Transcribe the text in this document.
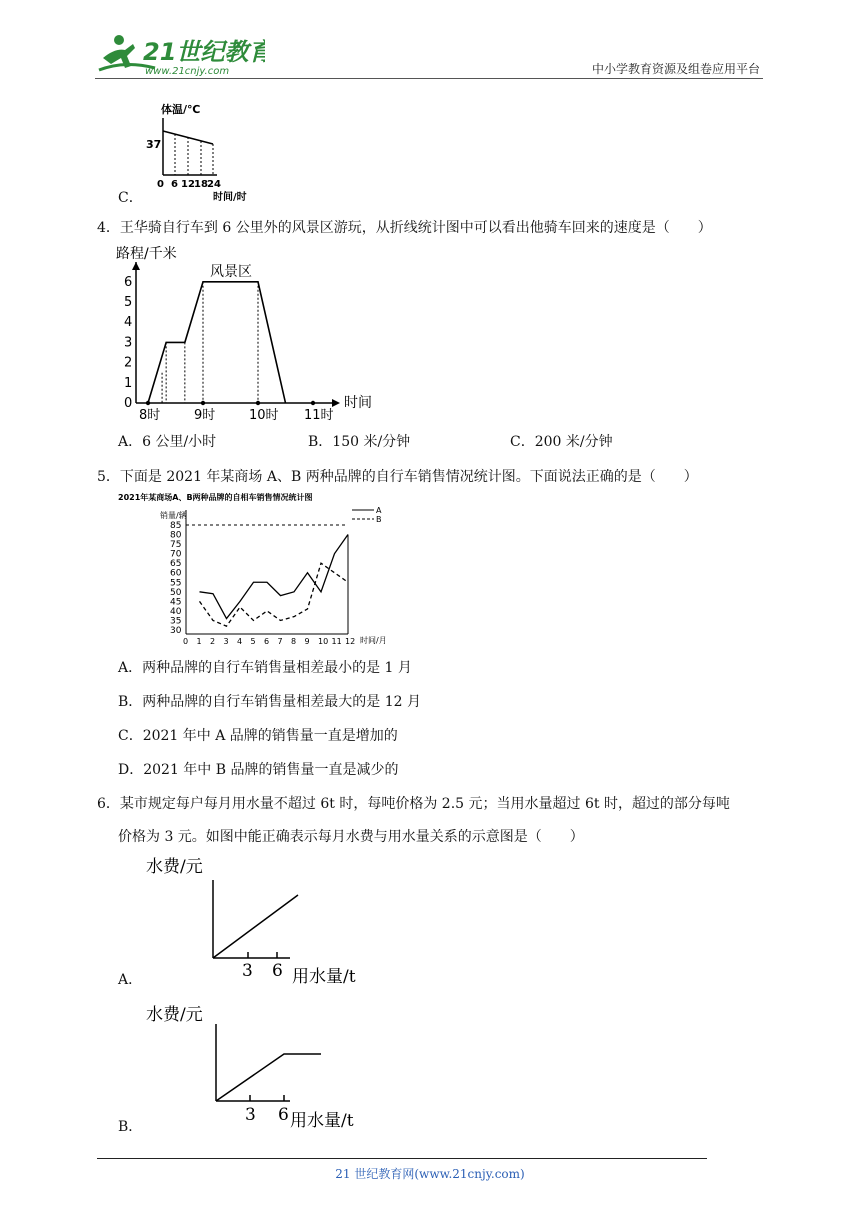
21世纪教育
www.21cnjy.com	中小学教育资源及组卷应用平台
体温/℃
37
0 6 12 18 24
时间/时
C．
4．王华骑自行车到 6 公里外的风景区游玩，从折线统计图中可以看出他骑车回来的速度是（　　）
路程/千米
0
1
2
3
4
5
6
风景区
8时	9时	10时 11时
时间
A．6 公里/小时	B．150 米/分钟	C．200 米/分钟
5．下面是 2021 年某商场 A、B 两种品牌的自行车销售情况统计图。下面说法正确的是（　　）
2021年某商场A、B两种品牌的自相车销售情况统计图
销量/辆
A
B
30
35
40
45
50
55
60
65
70
75
80
85
0 1 2 3 4 5 6 7 8 9 10 11 12 时间/月
A．两种品牌的自行车销售量相差最小的是 1 月
B．两种品牌的自行车销售量相差最大的是 12 月
C．2021 年中 A 品牌的销售量一直是增加的
D．2021 年中 B 品牌的销售量一直是减少的
6．某市规定每户每月用水量不超过 6t 时，每吨价格为 2.5 元；当用水量超过 6t 时，超过的部分每吨
价格为 3 元。如图中能正确表示每月水费与用水量关系的示意图是（　　）
水费/元
3 6 用水量/t
A．
水费/元
3 6 用水量/t
B．
21 世纪教育网(www.21cnjy.com)
